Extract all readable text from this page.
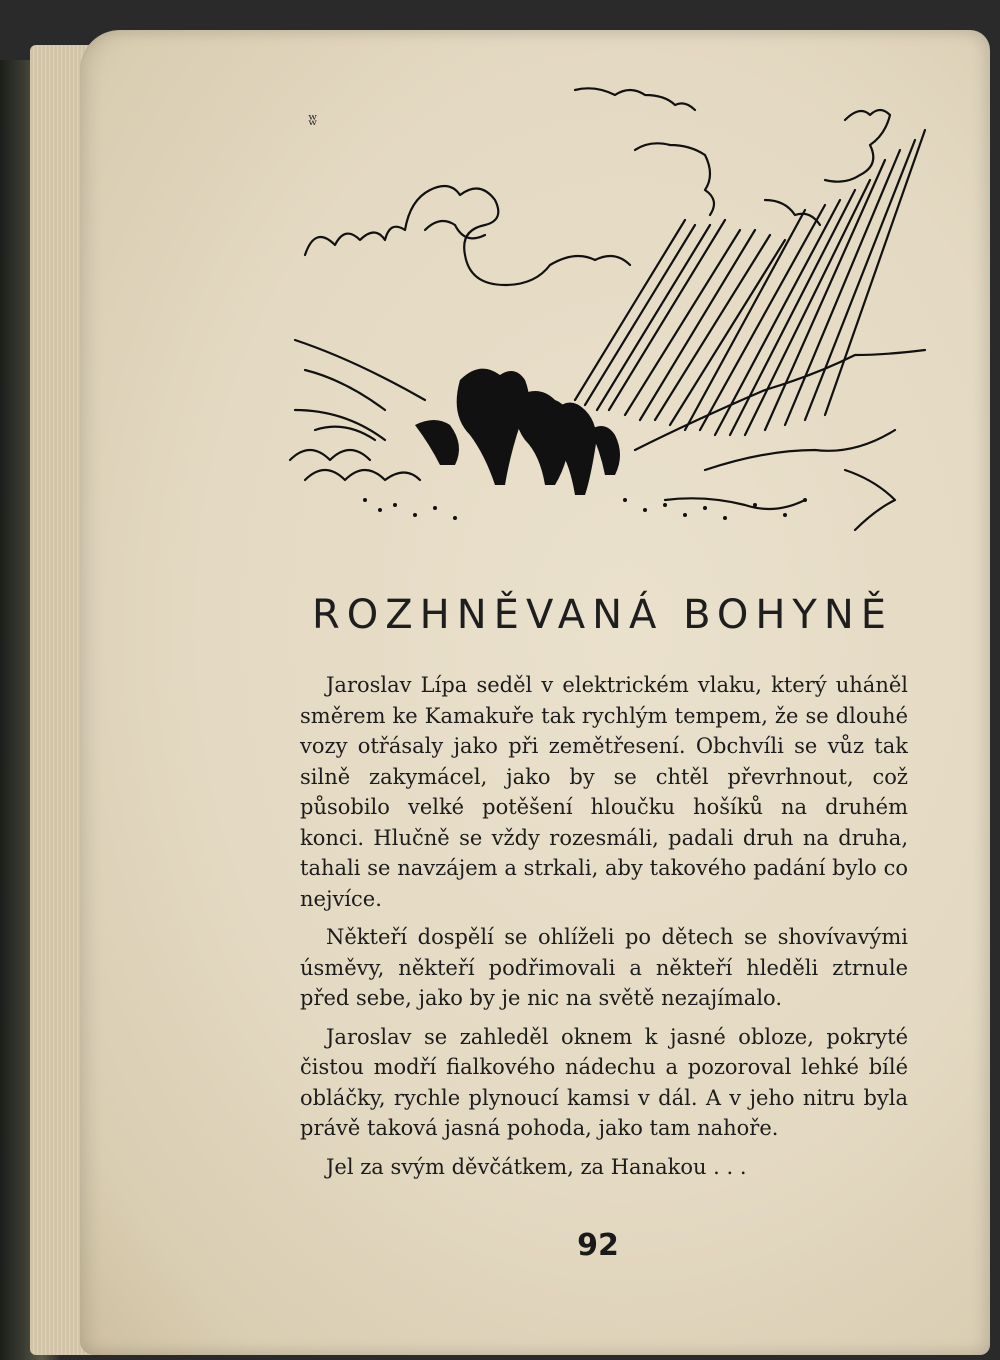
ʬ
ROZHNĚVANÁ BOHYNĚ

Jaroslav Lípa seděl v elektrickém vlaku, který uháněl směrem ke Kamakuře tak rychlým tempem, že se dlouhé vozy otřásaly jako při zemětřesení. Obchvíli se vůz tak silně zakymácel, jako by se chtěl převrhnout, což působilo velké potěšení hloučku hošíků na druhém konci. Hlučně se vždy rozesmáli, padali druh na druha, tahali se navzájem a strkali, aby takového padání bylo co nejvíce.

Někteří dospělí se ohlíželi po dětech se shovívavými úsměvy, někteří podřimovali a někteří hleděli ztrnule před sebe, jako by je nic na světě nezajímalo.

Jaroslav se zahleděl oknem k jasné obloze, pokryté čistou modří fialkového nádechu a pozoroval lehké bílé obláčky, rychle plynoucí kamsi v dál. A v jeho nitru byla právě taková jasná pohoda, jako tam nahoře.

Jel za svým děvčátkem, za Hanakou . . .

92
